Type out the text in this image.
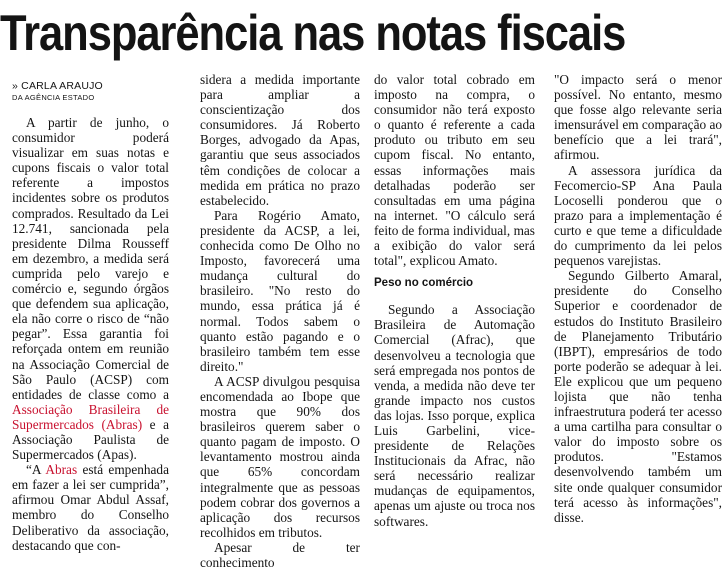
Transparência nas notas fiscais
» CARLA ARAUJO
DA AGÊNCIA ESTADO

A partir de junho, o consumidor poderá visualizar em suas notas e cupons fiscais o valor total referente a impostos incidentes sobre os produtos comprados. Resultado da Lei 12.741, sancionada pela presidente Dilma Rousseff em dezembro, a medida será cumprida pelo varejo e comércio e, segundo órgãos que defendem sua aplicação, ela não corre o risco de “não pegar”. Essa garantia foi reforçada ontem em reunião na Associação Comercial de São Paulo (ACSP) com entidades de classe como a Associação Brasileira de Supermercados (Abras) e a Associação Paulista de Supermercados (Apas).

“A Abras está empenhada em fazer a lei ser cumprida”, afirmou Omar Abdul Assaf, membro do Conselho Deliberativo da associação, destacando que con-

sidera a medida importante para ampliar a conscientização dos consumidores. Já Roberto Borges, advogado da Apas, garantiu que seus associados têm condições de colocar a medida em prática no prazo estabelecido.

Para Rogério Amato, presidente da ACSP, a lei, conhecida como De Olho no Imposto, favorecerá uma mudança cultural do brasileiro. "No resto do mundo, essa prática já é normal. Todos sabem o quanto estão pagando e o brasileiro também tem esse direito."

A ACSP divulgou pesquisa encomendada ao Ibope que mostra que 90% dos brasileiros querem saber o quanto pagam de imposto. O levantamento mostrou ainda que 65% concordam integralmente que as pessoas podem cobrar dos governos a aplicação dos recursos recolhidos em tributos.

Apesar de ter conhecimento

do valor total cobrado em imposto na compra, o consumidor não terá exposto o quanto é referente a cada produto ou tributo em seu cupom fiscal. No entanto, essas informações mais detalhadas poderão ser consultadas em uma página na internet. "O cálculo será feito de forma individual, mas a exibição do valor será total", explicou Amato.

Peso no comércio

Segundo a Associação Brasileira de Automação Comercial (Afrac), que desenvolveu a tecnologia que será empregada nos pontos de venda, a medida não deve ter grande impacto nos custos das lojas. Isso porque, explica Luis Garbelini, vice-presidente de Relações Institucionais da Afrac, não será necessário realizar mudanças de equipamentos, apenas um ajuste ou troca nos softwares.

"O impacto será o menor possível. No entanto, mesmo que fosse algo relevante seria imensurável em comparação ao benefício que a lei trará", afirmou.

A assessora jurídica da Fecomercio-SP Ana Paula Locoselli ponderou que o prazo para a implementação é curto e que teme a dificuldade do cumprimento da lei pelos pequenos varejistas.

Segundo Gilberto Amaral, presidente do Conselho Superior e coordenador de estudos do Instituto Brasileiro de Planejamento Tributário (IBPT), empresários de todo porte poderão se adequar à lei. Ele explicou que um pequeno lojista que não tenha infraestrutura poderá ter acesso a uma cartilha para consultar o valor do imposto sobre os produtos. "Estamos desenvolvendo também um site onde qualquer consumidor terá acesso às informações", disse.
